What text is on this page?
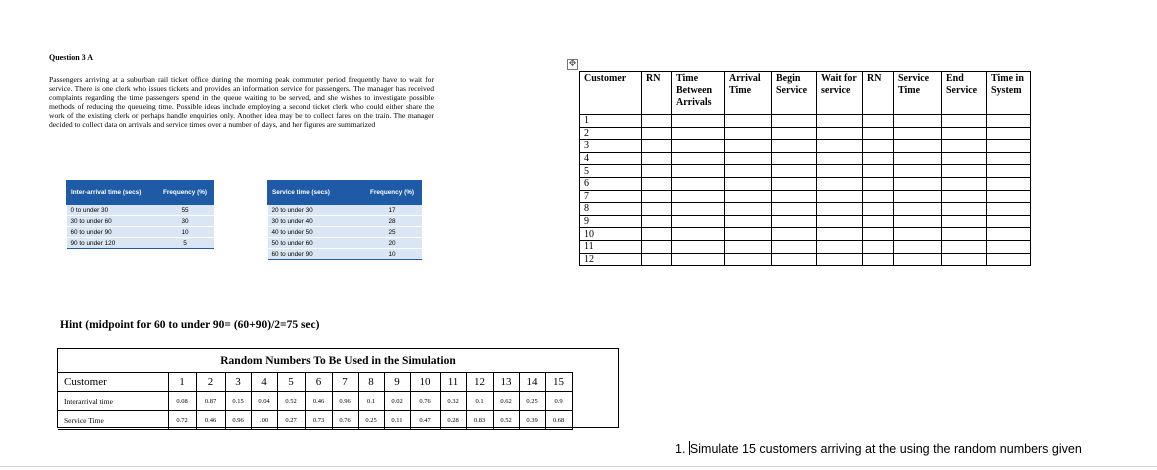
Question 3 A
Passengers arriving at a suburban rail ticket office during the morning peak commuter period frequently have to wait for service. There is one clerk who issues tickets and provides an information service for passengers. The manager has received complaints regarding the time passengers spend in the queue waiting to be served, and she wishes to investigate possible methods of reducing the queueing time. Possible ideas include employing a second ticket clerk who could either share the work of the existing clerk or perhaps handle enquiries only. Another idea may be to collect fares on the train. The manager decided to collect data on arrivals and service times over a number of days, and her figures are summarized
Inter-arrival time (secs)	Frequency (%)
0 to under 30	55
30 to under 60	30
60 to under 90	10
90 to under 120	5
Service time (secs)	Frequency (%)
20 to under 30	17
30 to under 40	28
40 to under 50	25
50 to under 60	20
60 to under 90	10
Hint (midpoint for 60 to under 90= (60+90)/2=75 sec)
Random Numbers To Be Used in the Simulation
Customer	1	2	3	4	5	6	7	8	9	10	11	12	13	14	15
Interarrival time	0.08	0.87	0.15	0.04	0.52	0.46	0.96	0.1	0.02	0.76	0.32	0.1	0.62	0.25	0.9
Service Time	0.72	0.46	0.96	.00	0.27	0.73	0.76	0.25	0.11	0.47	0.28	0.83	0.52	0.39	0.68
✥
Customer	RN	Time Between Arrivals	Arrival Time	Begin Service	Wait for service	RN	Service Time	End Service	Time in System
1									
2									
3									
4									
5									
6									
7									
8									
9									
10									
11									
12									
1. Simulate 15 customers arriving at the using the random numbers given
